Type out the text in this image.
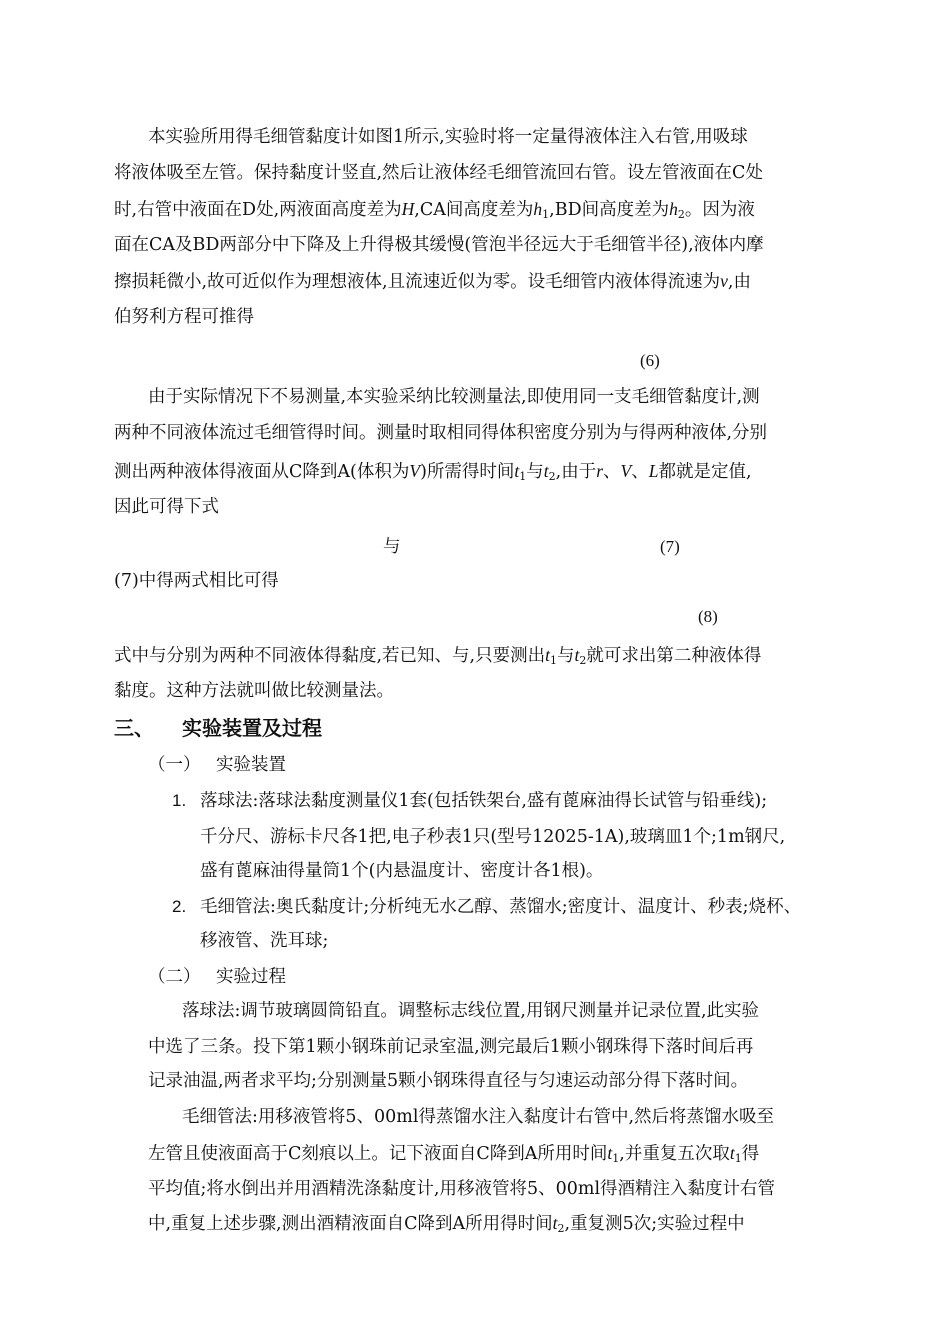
本实验所用得毛细管黏度计如图1所示,实验时将一定量得液体注入右管,用吸球
将液体吸至左管。保持黏度计竖直,然后让液体经毛细管流回右管。设左管液面在C处
时,右管中液面在D处,两液面高度差为H,CA间高度差为$h_1,BD$间高度差为$h_2$。因为液
面在CA及BD两部分中下降及上升得极其缓慢(管泡半径远大于毛细管半径),液体内摩
擦损耗微小,故可近似作为理想液体,且流速近似为零。设毛细管内液体得流速为v,由
伯努利方程可推得
(6)
由于实际情况下不易测量,本实验采纳比较测量法,即使用同一支毛细管黏度计,测
两种不同液体流过毛细管得时间。测量时取相同得体积密度分别为与得两种液体,分别
测出两种液体得液面从C降到A(体积为V)所需得时间$t_1$与$t_2$,由于r、V、L都就是定值,
因此可得下式
与	(7)
(7)中得两式相比可得
(8)
式中与分别为两种不同液体得黏度,若已知、与,只要测出$t_1$与$t_2$就可求出第二种液体得
黏度。这种方法就叫做比较测量法。
三、 实验装置及过程
（一） 实验装置
1. 落球法:落球法黏度测量仪1套(包括铁架台,盛有蓖麻油得长试管与铅垂线);
千分尺、游标卡尺各1把,电子秒表1只(型号12025-1A),玻璃皿1个;1m钢尺,
盛有蓖麻油得量筒1个(内悬温度计、密度计各1根)。
2. 毛细管法:奥氏黏度计;分析纯无水乙醇、蒸馏水;密度计、温度计、秒表;烧杯、
移液管、洗耳球;
（二） 实验过程
落球法:调节玻璃圆筒铅直。调整标志线位置,用钢尺测量并记录位置,此实验
中选了三条。投下第1颗小钢珠前记录室温,测完最后1颗小钢珠得下落时间后再
记录油温,两者求平均;分别测量5颗小钢珠得直径与匀速运动部分得下落时间。
毛细管法:用移液管将5、00ml得蒸馏水注入黏度计右管中,然后将蒸馏水吸至
左管且使液面高于C刻痕以上。记下液面自C降到A所用时间$t_1$,并重复五次取$t_1$得
平均值;将水倒出并用酒精洗涤黏度计,用移液管将5、00ml得酒精注入黏度计右管
中,重复上述步骤,测出酒精液面自C降到A所用得时间$t_2$,重复测5次;实验过程中
